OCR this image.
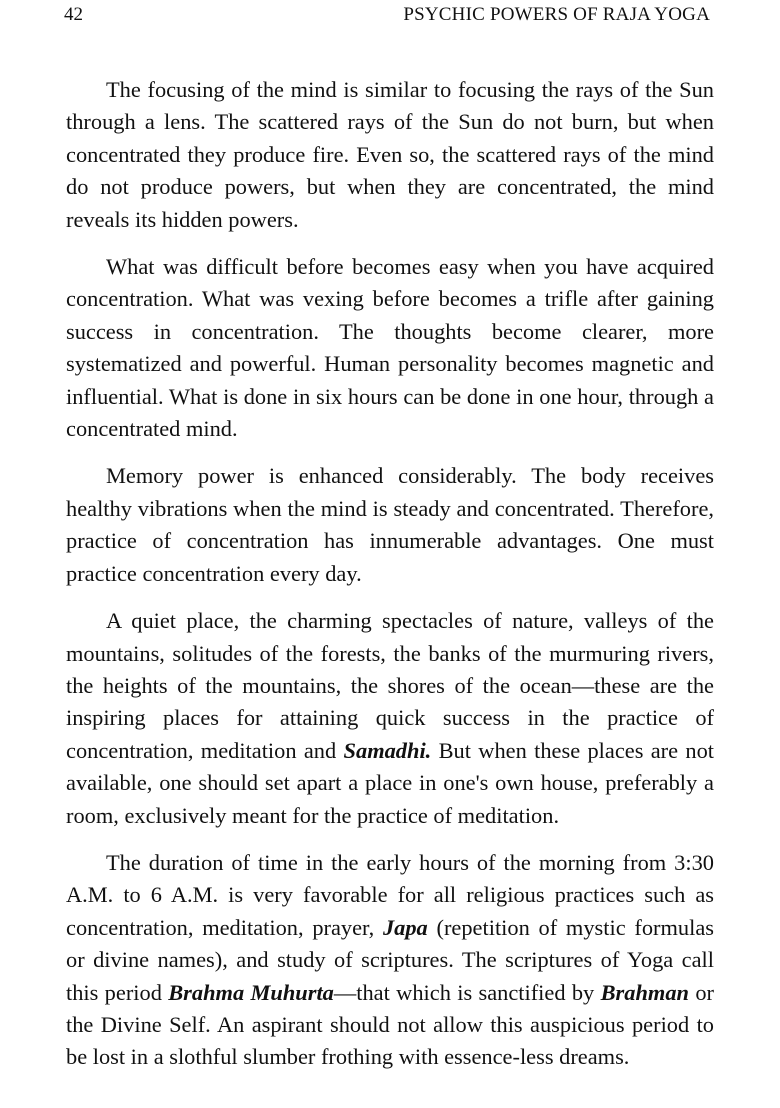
42	PSYCHIC POWERS OF RAJA YOGA

The focusing of the mind is similar to focusing the rays of the Sun through a lens. The scattered rays of the Sun do not burn, but when concentrated they produce fire. Even so, the scattered rays of the mind do not produce powers, but when they are concentrated, the mind reveals its hidden powers.

What was difficult before becomes easy when you have acquired concentration. What was vexing before becomes a trifle after gaining success in concentration. The thoughts become clearer, more systematized and powerful. Human personality becomes magnetic and influential. What is done in six hours can be done in one hour, through a concentrated mind.

Memory power is enhanced considerably. The body receives healthy vibrations when the mind is steady and concentrated. Therefore, practice of concentration has innumerable advantages. One must practice concentration every day.

A quiet place, the charming spectacles of nature, valleys of the mountains, solitudes of the forests, the banks of the murmuring rivers, the heights of the mountains, the shores of the ocean—these are the inspiring places for attaining quick success in the practice of concentration, meditation and Samadhi. But when these places are not available, one should set apart a place in one's own house, preferably a room, exclusively meant for the practice of meditation.

The duration of time in the early hours of the morning from 3:30 A.M. to 6 A.M. is very favorable for all religious practices such as concentration, meditation, prayer, Japa (repetition of mystic formulas or divine names), and study of scriptures. The scriptures of Yoga call this period Brahma Muhurta—that which is sanctified by Brahman or the Divine Self. An aspirant should not allow this auspicious period to be lost in a slothful slumber frothing with essence-less dreams.
